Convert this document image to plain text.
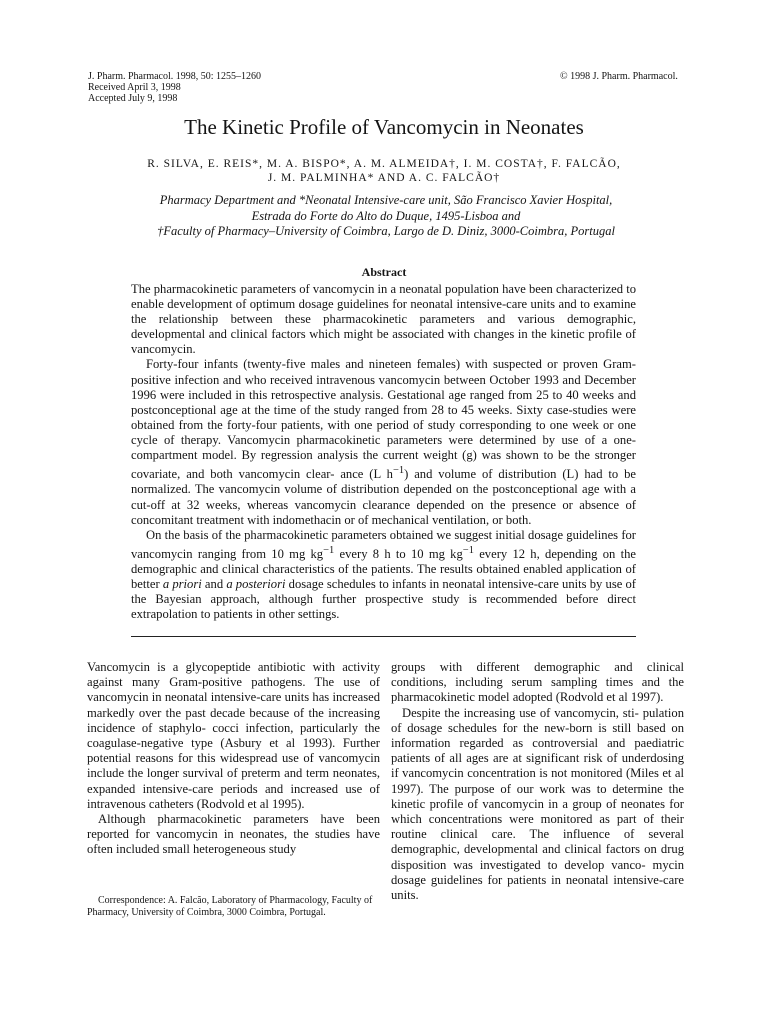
J. Pharm. Pharmacol. 1998, 50: 1255–1260
Received April 3, 1998
Accepted July 9, 1998
© 1998 J. Pharm. Pharmacol.
The Kinetic Profile of Vancomycin in Neonates
R. SILVA, E. REIS*, M. A. BISPO*, A. M. ALMEIDA†, I. M. COSTA†, F. FALCÃO,
J. M. PALMINHA* AND A. C. FALCÃO†
Pharmacy Department and *Neonatal Intensive-care unit, São Francisco Xavier Hospital,
Estrada do Forte do Alto do Duque, 1495-Lisboa and
†Faculty of Pharmacy–University of Coimbra, Largo de D. Diniz, 3000-Coimbra, Portugal
Abstract

The pharmacokinetic parameters of vancomycin in a neonatal population have been characterized to enable development of optimum dosage guidelines for neonatal intensive-care units and to examine the relationship between these pharmacokinetic parameters and various demographic, developmental and clinical factors which might be associated with changes in the kinetic profile of vancomycin.

Forty-four infants (twenty-five males and nineteen females) with suspected or proven Gram-positive infection and who received intravenous vancomycin between October 1993 and December 1996 were included in this retrospective analysis. Gestational age ranged from 25 to 40 weeks and postconceptional age at the time of the study ranged from 28 to 45 weeks. Sixty case-studies were obtained from the forty-four patients, with one period of study corresponding to one week or one cycle of therapy. Vancomycin pharmacokinetic parameters were determined by use of a one-compartment model. By regression analysis the current weight (g) was shown to be the stronger covariate, and both vancomycin clear- ance (L $h^{-1}$) and volume of distribution (L) had to be normalized. The vancomycin volume of distribution depended on the postconceptional age with a cut-off at 32 weeks, whereas vancomycin clearance depended on the presence or absence of concomitant treatment with indomethacin or of mechanical ventilation, or both.

On the basis of the pharmacokinetic parameters obtained we suggest initial dosage guidelines for vancomycin ranging from 10 mg $kg^{-1}$ every 8 h to 10 mg $kg^{-1}$ every 12 h, depending on the demographic and clinical characteristics of the patients. The results obtained enabled application of better a priori and a posteriori dosage schedules to infants in neonatal intensive-care units by use of the Bayesian approach, although further prospective study is recommended before direct extrapolation to patients in other settings.

Vancomycin is a glycopeptide antibiotic with activity against many Gram-positive pathogens. The use of vancomycin in neonatal intensive-care units has increased markedly over the past decade because of the increasing incidence of staphylo- cocci infection, particularly the coagulase-negative type (Asbury et al 1993). Further potential reasons for this widespread use of vancomycin include the longer survival of preterm and term neonates, expanded intensive-care periods and increased use of intravenous catheters (Rodvold et al 1995).

Although pharmacokinetic parameters have been reported for vancomycin in neonates, the studies have often included small heterogeneous study

groups with different demographic and clinical conditions, including serum sampling times and the pharmacokinetic model adopted (Rodvold et al 1997).

Despite the increasing use of vancomycin, sti- pulation of dosage schedules for the new-born is still based on information regarded as controversial and paediatric patients of all ages are at significant risk of underdosing if vancomycin concentration is not monitored (Miles et al 1997). The purpose of our work was to determine the kinetic profile of vancomycin in a group of neonates for which concentrations were monitored as part of their routine clinical care. The influence of several demographic, developmental and clinical factors on drug disposition was investigated to develop vanco- mycin dosage guidelines for patients in neonatal intensive-care units.

Correspondence: A. Falcão, Laboratory of Pharmacology, Faculty of Pharmacy, University of Coimbra, 3000 Coimbra, Portugal.
